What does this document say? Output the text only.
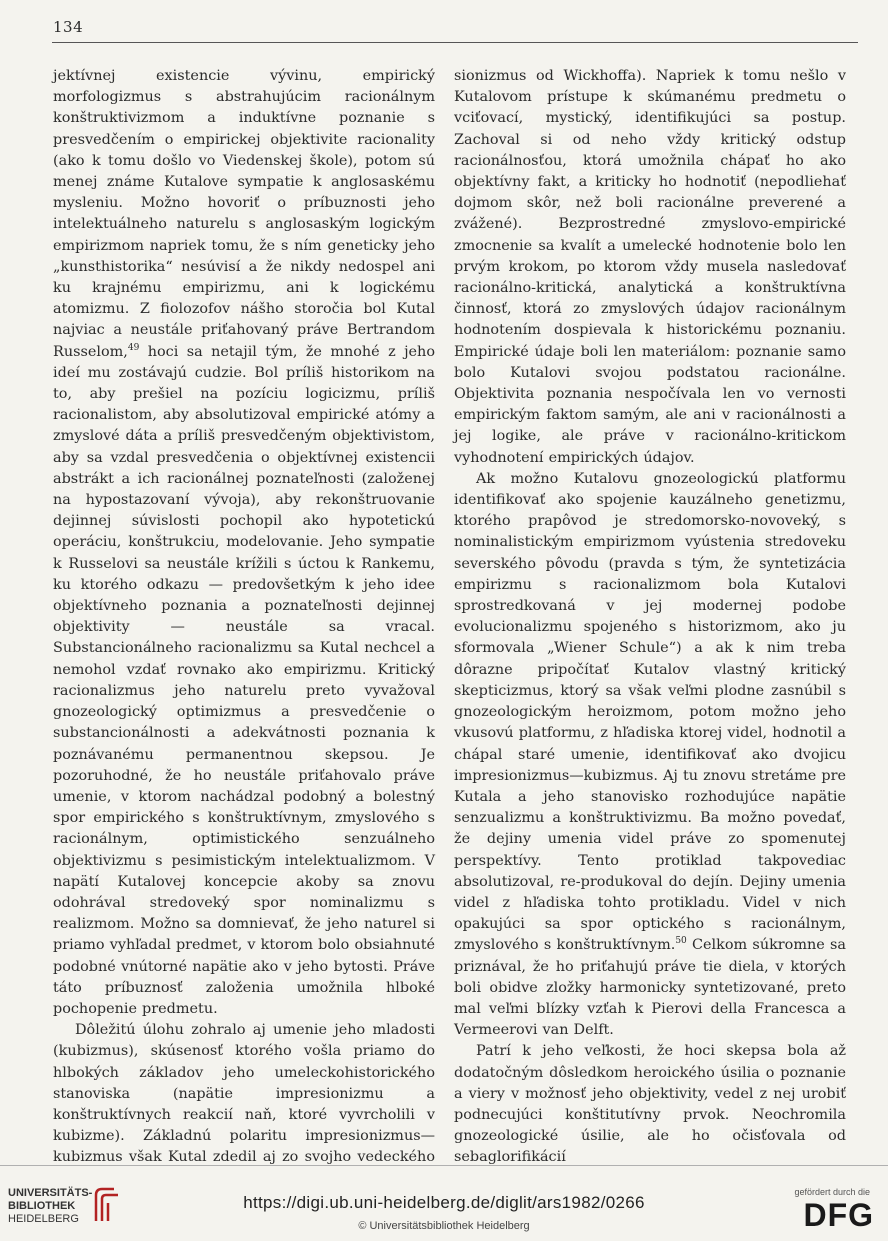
134

jektívnej existencie vývinu, empirický morfologizmus s abstrahujúcim racionálnym konštruktivizmom a induktívne poznanie s presvedčením o empirickej objektivite racionality (ako k tomu došlo vo Viedenskej škole), potom sú menej známe Kutalove sympatie k anglosaskému mysleniu. Možno hovoriť o príbuznosti jeho intelektuálneho naturelu s anglosaským logickým empirizmom napriek tomu, že s ním geneticky jeho „kunsthistorika“ nesúvisí a že nikdy nedospel ani ku krajnému empirizmu, ani k logickému atomizmu. Z fiolozofov nášho storočia bol Kutal najviac a neustále priťahovaný práve Bertrandom Russelom,$^{49}$ hoci sa netajil tým, že mnohé z jeho ideí mu zostávajú cudzie. Bol príliš historikom na to, aby prešiel na pozíciu logicizmu, príliš racionalistom, aby absolutizoval empirické atómy a zmyslové dáta a príliš presvedčeným objektivistom, aby sa vzdal presvedčenia o objektívnej existencii abstrákt a ich racionálnej poznateľnosti (založenej na hypostazovaní vývoja), aby rekonštruovanie dejinnej súvislosti pochopil ako hypotetickú operáciu, konštrukciu, modelovanie. Jeho sympatie k Russelovi sa neustále krížili s úctou k Rankemu, ku ktorého odkazu — predovšetkým k jeho idee objektívneho poznania a poznateľnosti dejinnej objektivity — neustále sa vracal. Substancionálneho racionalizmu sa Kutal nechcel a nemohol vzdať rovnako ako empirizmu. Kritický racionalizmus jeho naturelu preto vyvažoval gnozeologický optimizmus a presvedčenie o substancionálnosti a adekvátnosti poznania k poznávanému permanentnou skepsou. Je pozoruhodné, že ho neustále priťahovalo práve umenie, v ktorom nachádzal podobný a bolestný spor empirického s konštruktívnym, zmyslového s racionálnym, optimistického senzuálneho objektivizmu s pesimistickým intelektualizmom. V napätí Kutalovej koncepcie akoby sa znovu odohrával stredoveký spor nominalizmu s realizmom. Možno sa domnievať, že jeho naturel si priamo vyhľadal predmet, v ktorom bolo obsiahnuté podobné vnútorné napätie ako v jeho bytosti. Práve táto príbuznosť založenia umožnila hlboké pochopenie predmetu.

Dôležitú úlohu zohralo aj umenie jeho mladosti (kubizmus), skúsenosť ktorého vošla priamo do hlbokých základov jeho umeleckohistorického stanoviska (napätie impresionizmu a konštruktívnych reakcií naň, ktoré vyvrcholili v kubizme). Základnú polaritu impresionizmus—kubizmus však Kutal zdedil aj zo svojho vedeckého

sionizmus od Wickhoffa). Napriek k tomu nešlo v Kutalovom prístupe k skúmanému predmetu o vciťovací, mystický, identifikujúci sa postup. Zachoval si od neho vždy kritický odstup racionálnosťou, ktorá umožnila chápať ho ako objektívny fakt, a kriticky ho hodnotiť (nepodliehať dojmom skôr, než boli racionálne preverené a zvážené). Bezprostredné zmyslovo-empirické zmocnenie sa kvalít a umelecké hodnotenie bolo len prvým krokom, po ktorom vždy musela nasledovať racionálno-kritická, analytická a konštruktívna činnosť, ktorá zo zmyslových údajov racionálnym hodnotením dospievala k historickému poznaniu. Empirické údaje boli len materiálom: poznanie samo bolo Kutalovi svojou podstatou racionálne. Objektivita poznania nespočívala len vo vernosti empirickým faktom samým, ale ani v racionálnosti a jej logike, ale práve v racionálno-kritickom vyhodnotení empirických údajov.

Ak možno Kutalovu gnozeologickú platformu identifikovať ako spojenie kauzálneho genetizmu, ktorého prapôvod je stredomorsko-novoveký, s nominalistickým empirizmom vyústenia stredoveku severského pôvodu (pravda s tým, že syntetizácia empirizmu s racionalizmom bola Kutalovi sprostredkovaná v jej modernej podobe evolucionalizmu spojeného s historizmom, ako ju sformovala „Wiener Schule“) a ak k nim treba dôrazne pripočítať Kutalov vlastný kritický skepticizmus, ktorý sa však veľmi plodne zasnúbil s gnozeologickým heroizmom, potom možno jeho vkusovú platformu, z hľadiska ktorej videl, hodnotil a chápal staré umenie, identifikovať ako dvojicu impresionizmus—kubizmus. Aj tu znovu stretáme pre Kutala a jeho stanovisko rozhodujúce napätie senzualizmu a konštruktivizmu. Ba možno povedať, že dejiny umenia videl práve zo spomenutej perspektívy. Tento protiklad takpovediac absolutizoval, re-produkoval do dejín. Dejiny umenia videl z hľadiska tohto protikladu. Videl v nich opakujúci sa spor optického s racionálnym, zmyslového s konštruktívnym.$^{50}$ Celkom súkromne sa priznával, že ho priťahujú práve tie diela, v ktorých boli obidve zložky harmonicky syntetizované, preto mal veľmi blízky vzťah k Pierovi della Francesca a Vermeerovi van Delft.

Patrí k jeho veľkosti, že hoci skepsa bola až dodatočným dôsledkom heroického úsilia o poznanie a viery v možnosť jeho objektivity, vedel z nej urobiť podnecujúci konštitutívny prvok. Neochromila gnozeologické úsilie, ale ho očisťovala od sebaglorifikácií

UNIVERSITÄTS-
BIBLIOTHEK
HEIDELBERG
https://digi.ub.uni-heidelberg.de/diglit/ars1982/0266
© Universitätsbibliothek Heidelberg
gefördert durch die
DFG
